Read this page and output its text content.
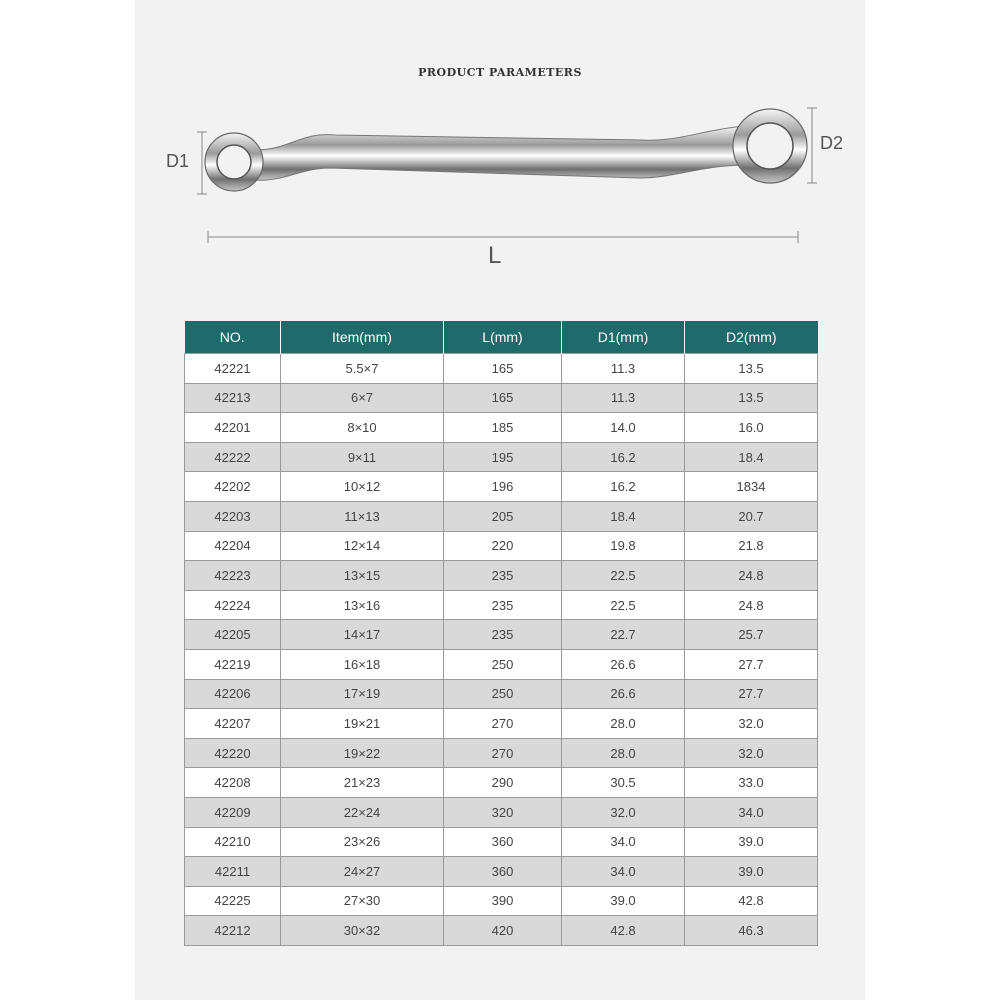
PRODUCT PARAMETERS
D1
D2
L
NO.	Item(mm)	L(mm)	D1(mm)	D2(mm)
42221	5.5×7	165	11.3	13.5
42213	6×7	165	11.3	13.5
42201	8×10	185	14.0	16.0
42222	9×11	195	16.2	18.4
42202	10×12	196	16.2	1834
42203	11×13	205	18.4	20.7
42204	12×14	220	19.8	21.8
42223	13×15	235	22.5	24.8
42224	13×16	235	22.5	24.8
42205	14×17	235	22.7	25.7
42219	16×18	250	26.6	27.7
42206	17×19	250	26.6	27.7
42207	19×21	270	28.0	32.0
42220	19×22	270	28.0	32.0
42208	21×23	290	30.5	33.0
42209	22×24	320	32.0	34.0
42210	23×26	360	34.0	39.0
42211	24×27	360	34.0	39.0
42225	27×30	390	39.0	42.8
42212	30×32	420	42.8	46.3
